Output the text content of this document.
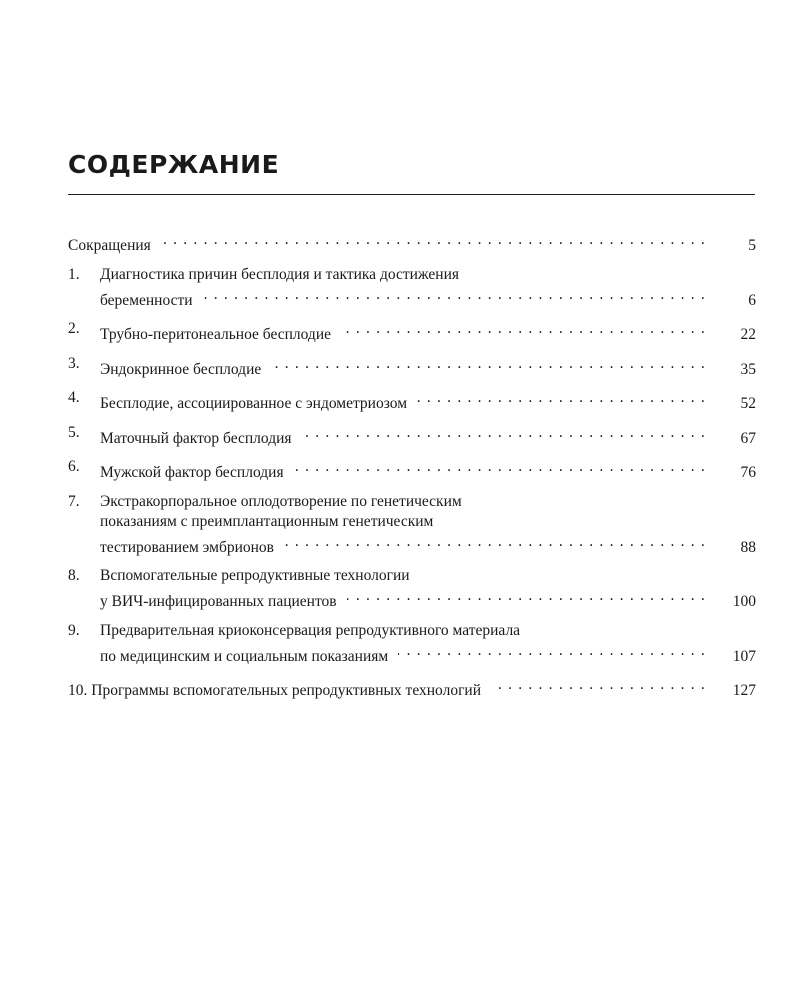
СОДЕРЖАНИЕ
Сокращения . . .	5
1. Диагностика причин бесплодия и тактика достижения
беременности . . .	6
2. Трубно-перитонеальное бесплодие . . .	22
3. Эндокринное бесплодие . . .	35
4. Бесплодие, ассоциированное с эндометриозом . . .	52
5. Маточный фактор бесплодия . . .	67
6. Мужской фактор бесплодия . . .	76
7. Экстракорпоральное оплодотворение по генетическим
показаниям с преимплантационным генетическим
тестированием эмбрионов . . .	88
8. Вспомогательные репродуктивные технологии
у ВИЧ-инфицированных пациентов . . .	100
9. Предварительная криоконсервация репродуктивного материала
по медицинским и социальным показаниям . . .	107
10. Программы вспомогательных репродуктивных технологий . . .	127
